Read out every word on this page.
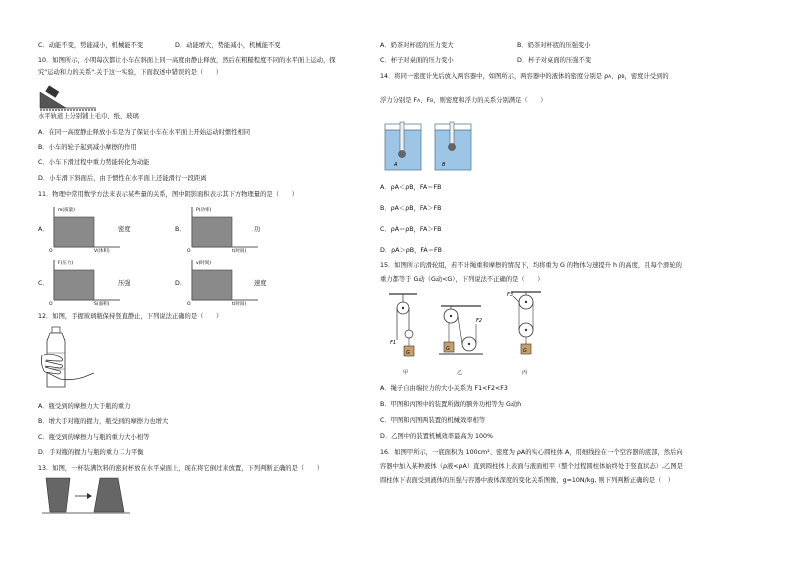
C．动能不变，势能减小，机械能不变	D．动能增大，势能减小，机械能不变
10．如图所示，小明每次都让小车在斜面上同一高度由静止释放，然后在粗糙程度不同的水平面上运动，探
究"运动和力的关系".关于这一实验，下面叙述中错误的是（　　）
水平轨道上分别铺上毛巾、纸、玻璃
A．在同一高度静止释放小车是为了保证小车在水平面上开始运动时惯性相同
B．小车的轮子起到减小摩擦的作用
C．小车下滑过程中重力势能转化为动能
D．小车滑下斜面后，由于惯性在水平面上还能滑行一段距离
11．物理中常用数学方法来表示某些量的关系，图中阴影面积表示其下方物理量的是（　　）
A．
m(质量)
V(体积)
O
密度	B．
P(功率)
t(时间)
O
功
C．
F(压力)
S(面积)
O
压强	D．
v(时间)
t(时间)
O
速度
12．如图，手握玻璃瓶保持竖直静止，下列说法正确的是（　　）
A．瓶受到的摩擦力大于瓶的重力
B．增大手对瓶的握力，瓶受到的摩擦力也增大
C．瓶受到的摩擦力与瓶的重力大小相等
D．手对瓶的握力与瓶的重力二力平衡
13．如图，一杯装满饮料的密封杯放在水平桌面上，现在将它倒过来放置，下列判断正确的是（　　）
A．奶茶对杯底的压力变大	B．奶茶对杯底的压强变小
C．杯子对桌面的压力变小	D．杯子对桌面的压强不变
14．将同一密度计先后放入两容器中，如图所示，两容器中的液体的密度分别是 ρA、ρB，密度计受到的
浮力分别是 FA、FB，则密度和浮力的关系分别满足（　　）
A	B
A．ρA＜ρB，FA＝FB
B．ρA＜ρB，FA＞FB
C．ρA＝ρB，FA＞FB
D．ρA＞ρB，FA＝FB
15．如图所示的滑轮组，若不计绳重和摩擦的情况下，均将重为 G 的物体匀速提升 h 的高度，且每个滑轮的
重力都等于 G动（G动<G），下列说法不正确的是（　　）
F1
G
甲
F2
G
乙
F3
G
丙
A．绳子自由端拉力的大小关系为 F1<F2<F3
B．甲图和丙图中的装置所做的额外功相等为 G动h
C．甲图和丙图两装置的机械效率相等
D．乙图中的装置机械效率最高为 100%
16．如图甲所示，一底面积为 100cm²、密度为 ρA的实心圆柱体 A，用细线拴在一个空容器的底部，然后向
容器中加入某种液体（ρ液<ρA）直到圆柱体上表面与液面相平（整个过程圆柱体始终处于竖直状态）,乙图是
圆柱体下表面受到液体的压强与容器中液体深度的变化关系图像，g=10N/kg, 则下列判断正确的是（　）
